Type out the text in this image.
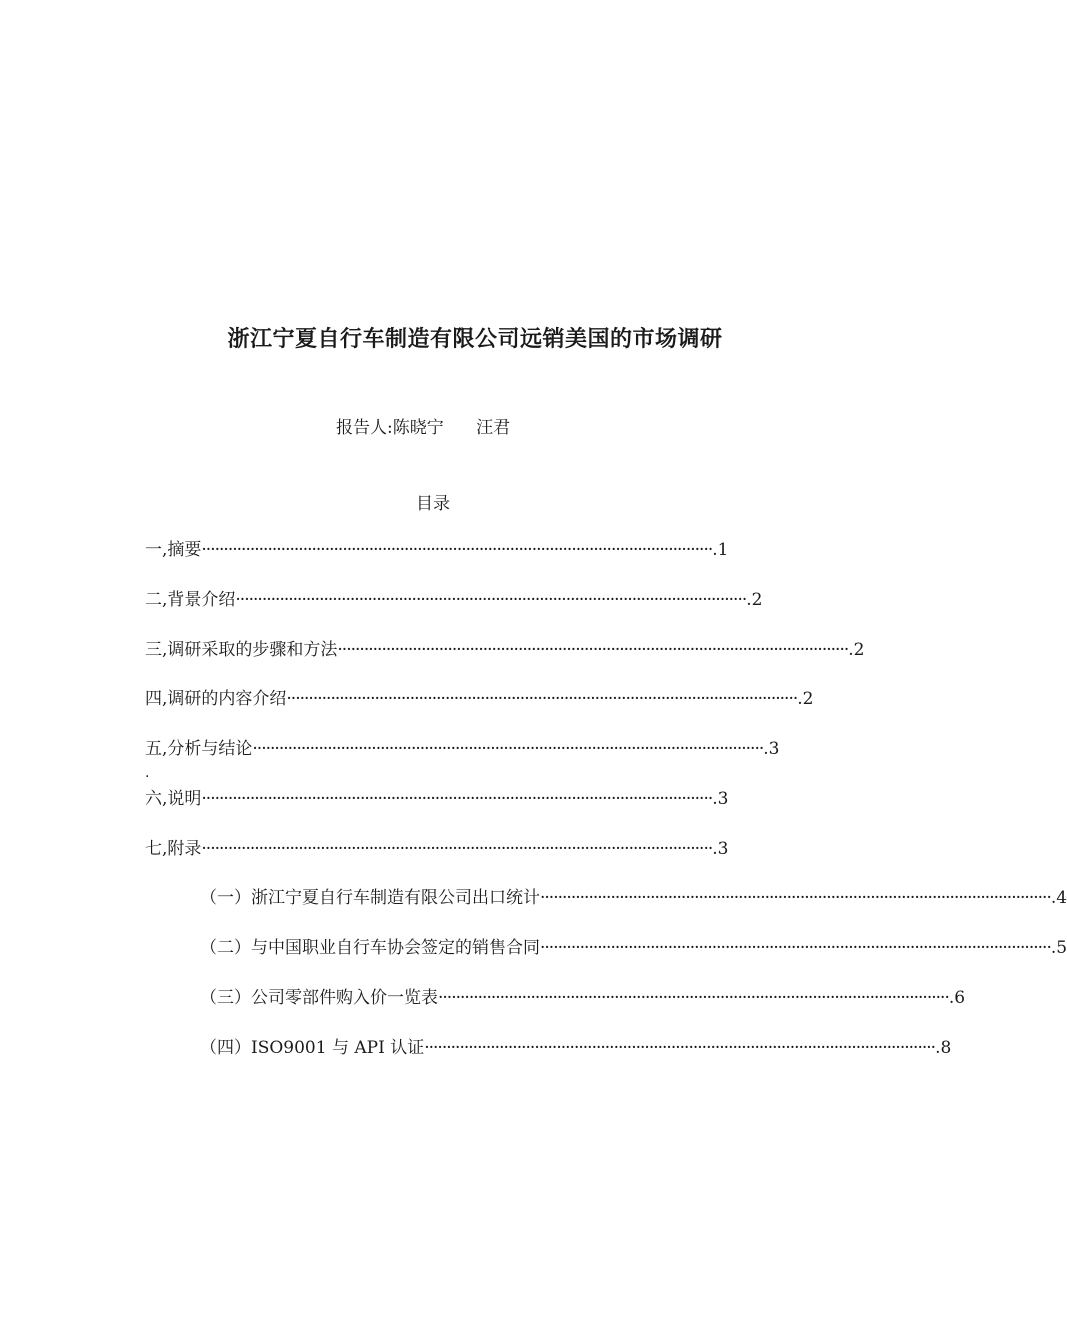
浙江宁夏自行车制造有限公司远销美国的市场调研
报告人:陈晓宁      汪君
目录
一,摘要 ···················································································································· .1
二,背景介绍 ···················································································································· .2
三,调研采取的步骤和方法 ···················································································································· .2
四,调研的内容介绍 ···················································································································· .2
五,分析与结论 ···················································································································· .3
.
六,说明 ···················································································································· .3
七,附录 ···················································································································· .3
（一）浙江宁夏自行车制造有限公司出口统计 ···················································································································· .4
（二）与中国职业自行车协会签定的销售合同 ···················································································································· .5
（三）公司零部件购入价一览表 ···················································································································· .6
（四）ISO9001 与 API 认证 ···················································································································· .8
